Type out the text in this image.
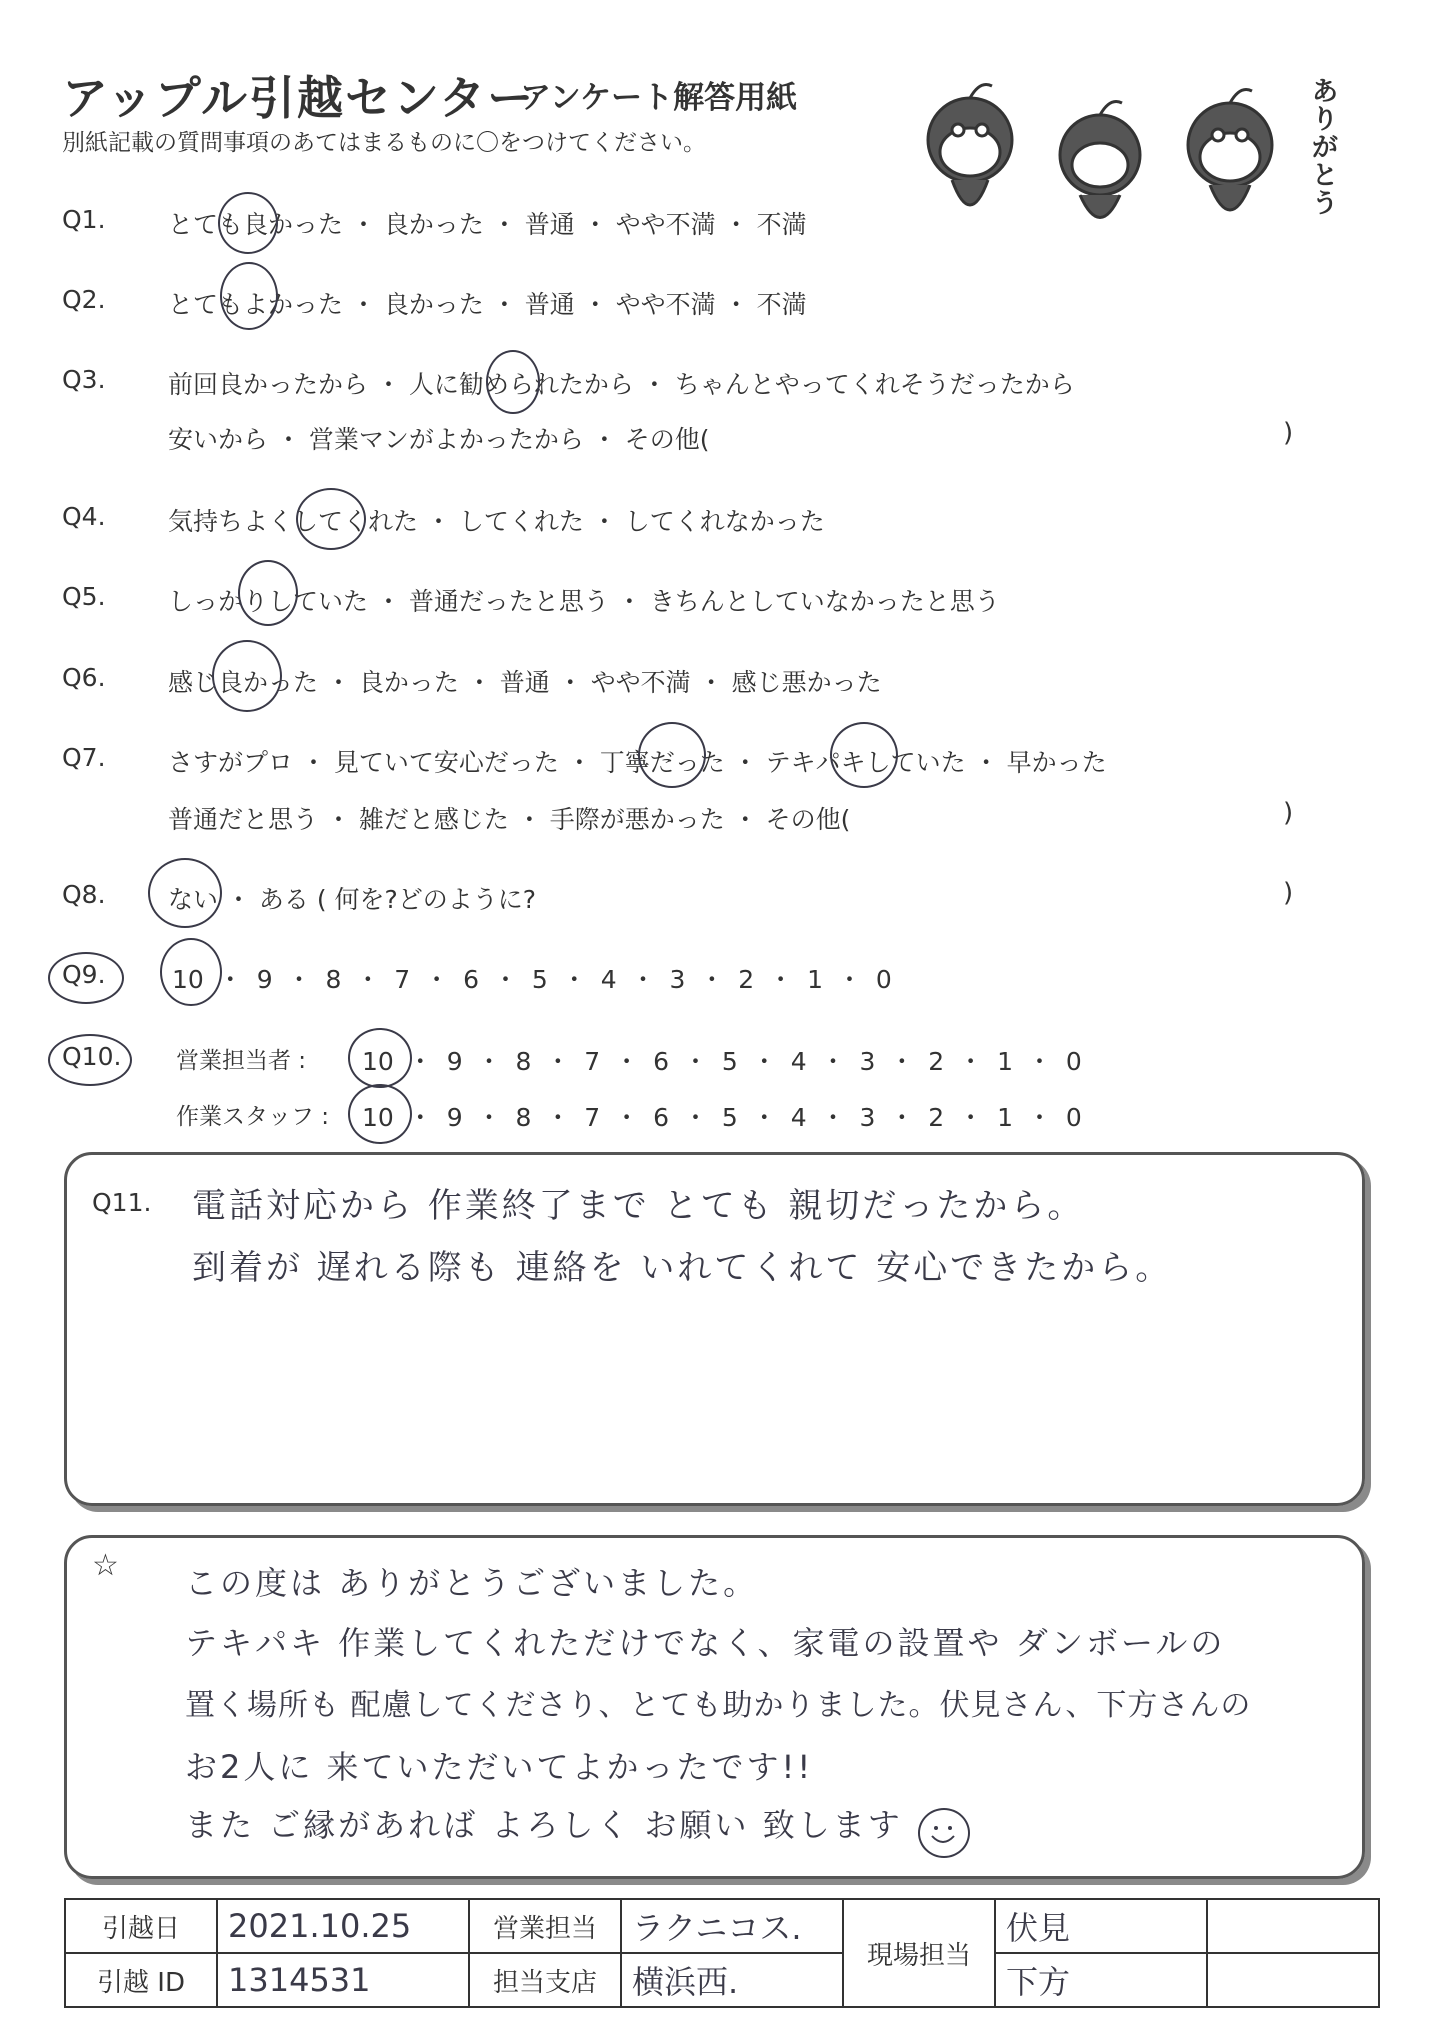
アップル引越センター
アンケート解答用紙
別紙記載の質問事項のあてはまるものに〇をつけてください。
ありがとう
Q1. とても良かった ・ 良かった ・ 普通 ・ やや不満 ・ 不満
Q2. とてもよかった ・ 良かった ・ 普通 ・ やや不満 ・ 不満
Q3. 前回良かったから ・ 人に勧められたから ・ ちゃんとやってくれそうだったから
安いから ・ 営業マンがよかったから ・ その他(	)
Q4. 気持ちよくしてくれた ・ してくれた ・ してくれなかった
Q5. しっかりしていた ・ 普通だったと思う ・ きちんとしていなかったと思う
Q6. 感じ良かった ・ 良かった ・ 普通 ・ やや不満 ・ 感じ悪かった
Q7. さすがプロ ・ 見ていて安心だった ・ 丁寧だった ・ テキパキしていた ・ 早かった
普通だと思う ・ 雑だと感じた ・ 手際が悪かった ・ その他(	)
Q8. ない ・ ある ( 何を?どのように?	)
Q9.	10 ・ 9 ・ 8 ・ 7 ・ 6 ・ 5 ・ 4 ・ 3 ・ 2 ・ 1 ・ 0
Q10. 営業担当者 : 10 ・ 9 ・ 8 ・ 7 ・ 6 ・ 5 ・ 4 ・ 3 ・ 2 ・ 1 ・ 0
作業スタッフ : 10 ・ 9 ・ 8 ・ 7 ・ 6 ・ 5 ・ 4 ・ 3 ・ 2 ・ 1 ・ 0
Q11. 電話対応から 作業終了まで とても 親切だったから。
到着が 遅れる際も 連絡を いれてくれて 安心できたから。
☆ この度は ありがとうございました。
テキパキ 作業してくれただけでなく、家電の設置や ダンボールの
置く場所も 配慮してくださり、とても助かりました。伏見さん、下方さんの
お2人に 来ていただいてよかったです!!
また ご縁があれば よろしく お願い 致します
引越日	2021.10.25	営業担当	ラクニコス.	現場担当	伏見	
引越 ID	1314531	担当支店	横浜西.		下方	
